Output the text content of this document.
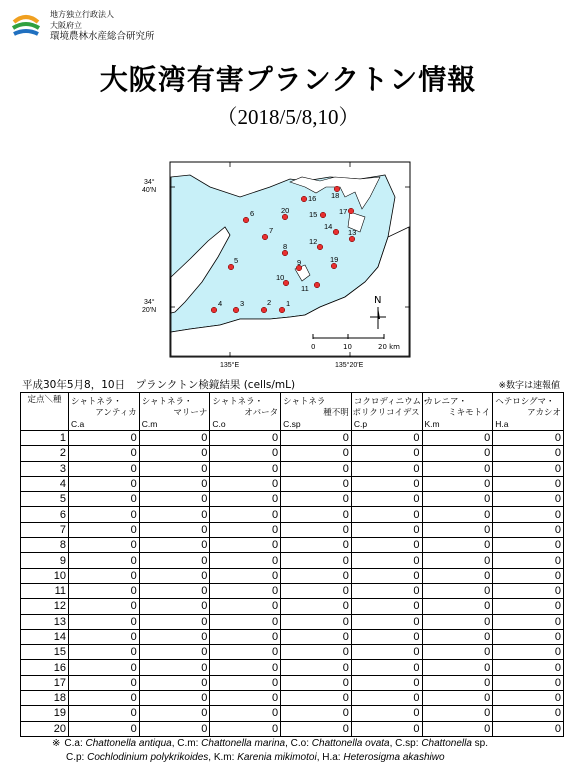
地方独立行政法人
大阪府立
環境農林水産総合研究所
大阪湾有害プランクトン情報
（2018/5/8,10）
34°
40'N
34°
20'N
135°E	135°20'E
0	10	20 km
N
1
2
3
4
5
6
7
8
9
10
11
12
13
14
15
16
17
18
19
20
平成30年5月8，10日　プランクトン検鏡結果 (cells/mL)	※数字は速報値
定点＼種	シャトネラ・
アンティカ
C.a	シャトネラ・
マリーナ
C.m	シャトネラ・
オバータ
C.o	シャトネラ
種不明
C.sp	コクロディニウム・
ポリクリコイデス
C.p	カレニア・
ミキモトイ
K.m	ヘテロシグマ・
アカシオ
H.a

1	0	0	0	0	0	0	0
2	0	0	0	0	0	0	0
3	0	0	0	0	0	0	0
4	0	0	0	0	0	0	0
5	0	0	0	0	0	0	0
6	0	0	0	0	0	0	0
7	0	0	0	0	0	0	0
8	0	0	0	0	0	0	0
9	0	0	0	0	0	0	0
10	0	0	0	0	0	0	0
11	0	0	0	0	0	0	0
12	0	0	0	0	0	0	0
13	0	0	0	0	0	0	0
14	0	0	0	0	0	0	0
15	0	0	0	0	0	0	0
16	0	0	0	0	0	0	0
17	0	0	0	0	0	0	0
18	0	0	0	0	0	0	0
19	0	0	0	0	0	0	0
20	0	0	0	0	0	0	0
※ C.a: Chattonella antiqua, C.m: Chattonella marina, C.o: Chattonella ovata, C.sp: Chattonella sp.
C.p: Cochlodinium polykrikoides, K.m: Karenia mikimotoi, H.a: Heterosigma akashiwo
